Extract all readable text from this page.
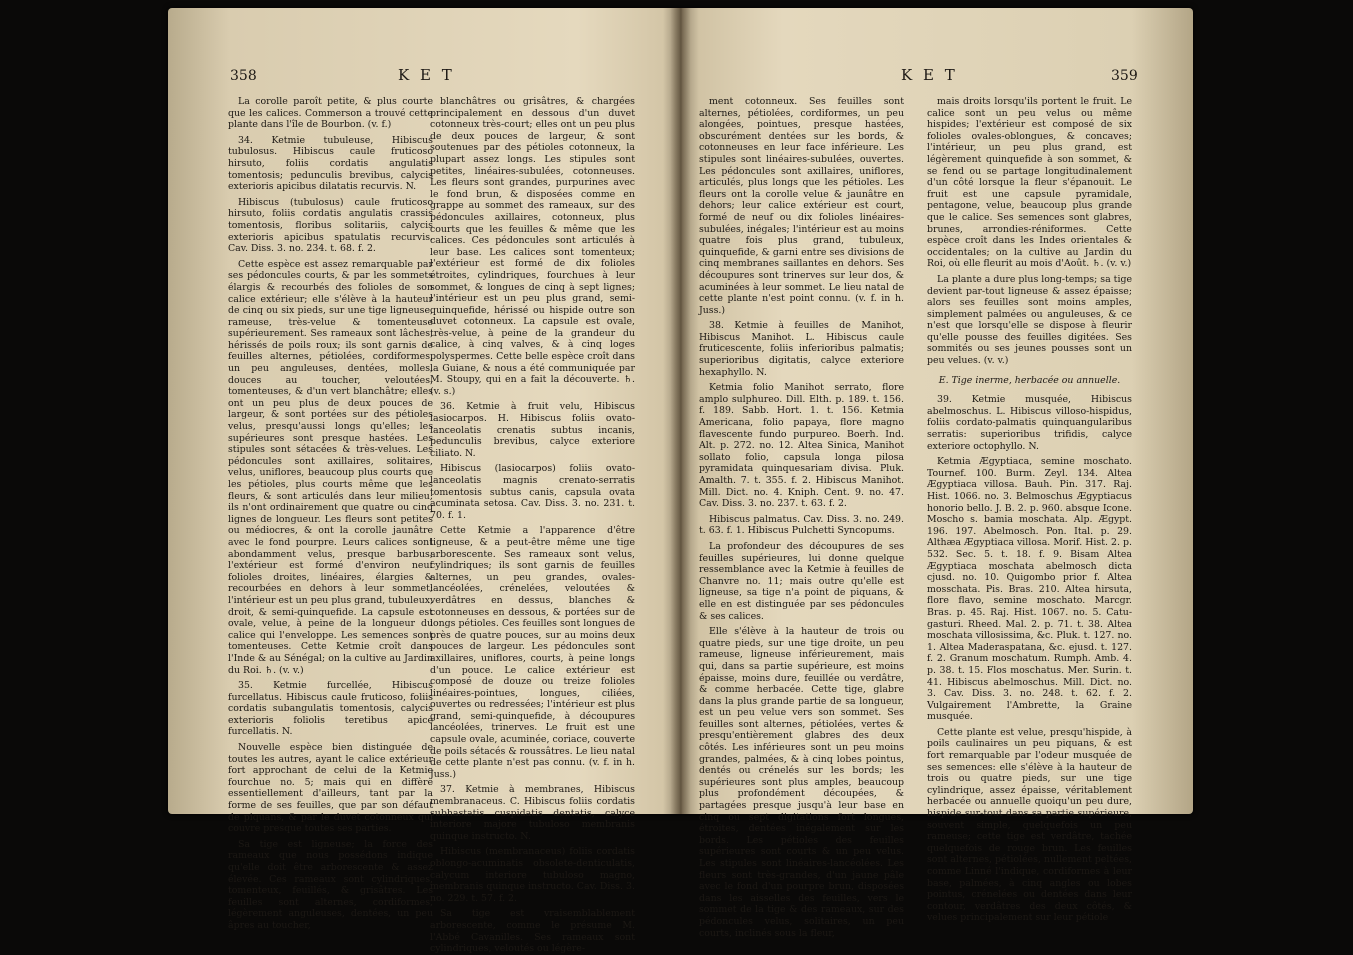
358	K E T

La corolle paroît petite, & plus courte que les calices. Commerson a trouvé cette plante dans l'île de Bourbon. (v. f.)

34. Ketmie tubuleuse, Hibiscus tubulosus. Hibiscus caule fruticoso hirsuto, foliis cordatis angulatis tomentosis; pedunculis brevibus, calycis exterioris apicibus dilatatis recurvis. N.

Hibiscus (tubulosus) caule fruticoso hirsuto, foliis cordatis angulatis crassis tomentosis, floribus solitariis, calycis exterioris apicibus spatulatis recurvis. Cav. Diss. 3. no. 234. t. 68. f. 2.

Cette espèce est assez remarquable par ses pédoncules courts, & par les sommets élargis & recourbés des folioles de son calice extérieur; elle s'élève à la hauteur de cinq ou six pieds, sur une tige ligneuse, rameuse, très-velue & tomenteuse supérieurement. Ses rameaux sont lâches, hérissés de poils roux; ils sont garnis de feuilles alternes, pétiolées, cordiformes, un peu anguleuses, dentées, molles, douces au toucher, veloutées, tomenteuses, & d'un vert blanchâtre; elles ont un peu plus de deux pouces de largeur, & sont portées sur des pétioles velus, presqu'aussi longs qu'elles; les supérieures sont presque hastées. Les stipules sont sétacées & très-velues. Les pédoncules sont axillaires, solitaires, velus, uniflores, beaucoup plus courts que les pétioles, plus courts même que les fleurs, & sont articulés dans leur milieu; ils n'ont ordinairement que quatre ou cinq lignes de longueur. Les fleurs sont petites ou médiocres, & ont la corolle jaunâtre avec le fond pourpre. Leurs calices sont abondamment velus, presque barbus; l'extérieur est formé d'environ neuf folioles droites, linéaires, élargies & recourbées en dehors à leur sommet; l'intérieur est un peu plus grand, tubuleux, droit, & semi-quinquefide. La capsule est ovale, velue, à peine de la longueur du calice qui l'enveloppe. Les semences sont tomenteuses. Cette Ketmie croît dans l'Inde & au Sénégal; on la cultive au Jardin du Roi. ♄. (v. v.)

35. Ketmie furcellée, Hibiscus furcellatus. Hibiscus caule fruticoso, foliis cordatis subangulatis tomentosis, calycis exterioris foliolis teretibus apice furcellatis. N.

Nouvelle espèce bien distinguée de toutes les autres, ayant le calice extérieur fort approchant de celui de la Ketmie fourchue no. 5; mais qui en diffère essentiellement d'ailleurs, tant par la forme de ses feuilles, que par son défaut de piquans, & par le duvet cotonneux qui couvre presque toutes ses parties.

Sa tige est ligneuse; la force des rameaux que nous possédons indique qu'elle doit être arborescente & assez élevée. Ces rameaux sont cylindriques, tomenteux, feuillés, & grisâtres. Les feuilles sont alternes, cordiformes, légèrement anguleuses, dentées, un peu âpres au toucher,

blanchâtres ou grisâtres, & chargées principalement en dessous d'un duvet cotonneux très-court; elles ont un peu plus de deux pouces de largeur, & sont soutenues par des pétioles cotonneux, la plupart assez longs. Les stipules sont petites, linéaires-subulées, cotonneuses. Les fleurs sont grandes, purpurines avec le fond brun, & disposées comme en grappe au sommet des rameaux, sur des pédoncules axillaires, cotonneux, plus courts que les feuilles & même que les calices. Ces pédoncules sont articulés à leur base. Les calices sont tomenteux; l'extérieur est formé de dix folioles étroites, cylindriques, fourchues à leur sommet, & longues de cinq à sept lignes; l'intérieur est un peu plus grand, semi-quinquefide, hérissé ou hispide outre son duvet cotonneux. La capsule est ovale, très-velue, à peine de la grandeur du calice, à cinq valves, & à cinq loges polyspermes. Cette belle espèce croît dans la Guiane, & nous a été communiquée par M. Stoupy, qui en a fait la découverte. ♄. (v. s.)

36. Ketmie à fruit velu, Hibiscus lasiocarpos. H. Hibiscus foliis ovato-lanceolatis crenatis subtus incanis, pedunculis brevibus, calyce exteriore ciliato. N.

Hibiscus (lasiocarpos) foliis ovato-lanceolatis magnis crenato-serratis tomentosis subtus canis, capsula ovata acuminata setosa. Cav. Diss. 3. no. 231. t. 70. f. 1.

Cette Ketmie a l'apparence d'être ligneuse, & a peut-être même une tige arborescente. Ses rameaux sont velus, cylindriques; ils sont garnis de feuilles alternes, un peu grandes, ovales-lancéolées, crénelées, veloutées & verdâtres en dessus, blanches & cotonneuses en dessous, & portées sur de longs pétioles. Ces feuilles sont longues de près de quatre pouces, sur au moins deux pouces de largeur. Les pédoncules sont axillaires, uniflores, courts, à peine longs d'un pouce. Le calice extérieur est composé de douze ou treize folioles linéaires-pointues, longues, ciliées, ouvertes ou redressées; l'intérieur est plus grand, semi-quinquefide, à découpures lancéolées, trinerves. Le fruit est une capsule ovale, acuminée, coriace, couverte de poils sétacés & roussâtres. Le lieu natal de cette plante n'est pas connu. (v. f. in h. Juss.)

37. Ketmie à membranes, Hibiscus membranaceus. C. Hibiscus foliis cordatis subhastatis cuspidatis dentatis, calyce interiore majore tubuloso membranis quinque instructo. N.

Hibiscus (membranaceus) foliis cordatis oblongo-acuminatis obsolete-denticulatis, calycum interiore tubuloso magno, membranis quinque instructo. Cav. Diss. 3. no. 229. t. 57. f. 2.

Sa tige est vraisemblablement arborescente, comme le présume M. l'Abbé Cavanilles. Ses rameaux sont cylindriques, veloutés ou légère-

K E T	359

ment cotonneux. Ses feuilles sont alternes, pétiolées, cordiformes, un peu alongées, pointues, presque hastées, obscurément dentées sur les bords, & cotonneuses en leur face inférieure. Les stipules sont linéaires-subulées, ouvertes. Les pédoncules sont axillaires, uniflores, articulés, plus longs que les pétioles. Les fleurs ont la corolle velue & jaunâtre en dehors; leur calice extérieur est court, formé de neuf ou dix folioles linéaires-subulées, inégales; l'intérieur est au moins quatre fois plus grand, tubuleux, quinquefide, & garni entre ses divisions de cinq membranes saillantes en dehors. Ses découpures sont trinerves sur leur dos, & acuminées à leur sommet. Le lieu natal de cette plante n'est point connu. (v. f. in h. Juss.)

38. Ketmie à feuilles de Manihot, Hibiscus Manihot. L. Hibiscus caule fruticescente, foliis inferioribus palmatis; superioribus digitatis, calyce exteriore hexaphyllo. N.

Ketmia folio Manihot serrato, flore amplo sulphureo. Dill. Elth. p. 189. t. 156. f. 189. Sabb. Hort. 1. t. 156. Ketmia Americana, folio papaya, flore magno flavescente fundo purpureo. Boerh. Ind. Alt. p. 272. no. 12. Altea Sinica, Manihot sollato folio, capsula longa pilosa pyramidata quinquesariam divisa. Pluk. Amalth. 7. t. 355. f. 2. Hibiscus Manihot. Mill. Dict. no. 4. Kniph. Cent. 9. no. 47. Cav. Diss. 3. no. 237. t. 63. f. 2.

Hibiscus palmatus. Cav. Diss. 3. no. 249. t. 63. f. 1. Hibiscus Pulchetti Syncopums.

La profondeur des découpures de ses feuilles supérieures, lui donne quelque ressemblance avec la Ketmie à feuilles de Chanvre no. 11; mais outre qu'elle est ligneuse, sa tige n'a point de piquans, & elle en est distinguée par ses pédoncules & ses calices.

Elle s'élève à la hauteur de trois ou quatre pieds, sur une tige droite, un peu rameuse, ligneuse inférieurement, mais qui, dans sa partie supérieure, est moins épaisse, moins dure, feuillée ou verdâtre, & comme herbacée. Cette tige, glabre dans la plus grande partie de sa longueur, est un peu velue vers son sommet. Ses feuilles sont alternes, pétiolées, vertes & presqu'entièrement glabres des deux côtés. Les inférieures sont un peu moins grandes, palmées, & à cinq lobes pointus, dentés ou crénelés sur les bords; les supérieures sont plus amples, beaucoup plus profondément découpées, & partagées presque jusqu'à leur base en cinq ou sept digitations fort longues, étroites, dentées inégalement sur les bords. Les pétioles des feuilles supérieures sont courts & un peu velus. Les stipules sont linéaires-lancéolées. Les fleurs sont très-grandes, d'un jaune pâle avec le fond d'un pourpre brun, disposées dans les aisselles des feuilles, vers le sommet de la tige & des rameaux, sur des pédoncules velus, solitaires, un peu courts, inclinés sous la fleur,

mais droits lorsqu'ils portent le fruit. Le calice sont un peu velus ou même hispides; l'extérieur est composé de six folioles ovales-oblongues, & concaves; l'intérieur, un peu plus grand, est légèrement quinquefide à son sommet, & se fend ou se partage longitudinalement d'un côté lorsque la fleur s'épanouit. Le fruit est une capsule pyramidale, pentagone, velue, beaucoup plus grande que le calice. Ses semences sont glabres, brunes, arrondies-réniformes. Cette espèce croît dans les Indes orientales & occidentales; on la cultive au Jardin du Roi, où elle fleurit au mois d'Août. ♄. (v. v.)

La plante a dure plus long-temps; sa tige devient par-tout ligneuse & assez épaisse; alors ses feuilles sont moins amples, simplement palmées ou anguleuses, & ce n'est que lorsqu'elle se dispose à fleurir qu'elle pousse des feuilles digitées. Ses sommités ou ses jeunes pousses sont un peu velues. (v. v.)

E. Tige inerme, herbacée ou annuelle.

39. Ketmie musquée, Hibiscus abelmoschus. L. Hibiscus villoso-hispidus, foliis cordato-palmatis quinquangularibus serratis: superioribus trifidis, calyce exteriore octophyllo. N.

Ketmia Ægyptiaca, semine moschato. Tournef. 100. Burm. Zeyl. 134. Altea Ægyptiaca villosa. Bauh. Pin. 317. Raj. Hist. 1066. no. 3. Belmoschus Ægyptiacus honorio bello. J. B. 2. p. 960. absque Icone. Moscho s. bamia moschata. Alp. Ægypt. 196. 197. Abelmosch. Pon. Ital. p. 29. Althæa Ægyptiaca villosa. Morif. Hist. 2. p. 532. Sec. 5. t. 18. f. 9. Bisam Altea Ægyptiaca moschata abelmosch dicta cjusd. no. 10. Quigombo prior f. Altea mosschata. Pis. Bras. 210. Altea hirsuta, flore flavo, semine moschato. Marcgr. Bras. p. 45. Raj. Hist. 1067. no. 5. Catu-gasturi. Rheed. Mal. 2. p. 71. t. 38. Altea moschata villosissima, &c. Pluk. t. 127. no. 1. Altea Maderaspatana, &c. ejusd. t. 127. f. 2. Granum moschatum. Rumph. Amb. 4. p. 38. t. 15. Flos moschatus. Mer. Surin. t. 41. Hibiscus abelmoschus. Mill. Dict. no. 3. Cav. Diss. 3. no. 248. t. 62. f. 2. Vulgairement l'Ambrette, la Graine musquée.

Cette plante est velue, presqu'hispide, à poils caulinaires un peu piquans, & est fort remarquable par l'odeur musquée de ses semences: elle s'élève à la hauteur de trois ou quatre pieds, sur une tige cylindrique, assez épaisse, véritablement herbacée ou annuelle quoiqu'un peu dure, hispide sur-tout dans sa partie supérieure, souvent simple, quelquefois un peu rameuse; cette tige est verdâtre, tachée quelquefois de rouge brun. Les feuilles sont alternes, pétiolées, nullement peltées, comme Linné l'indique, cordiformes à leur base, palmées, à cinq angles ou lobes pointus, crénelées ou dentées dans leur contour, verdâtres des deux côtés, & velues principalement sur leur pétiole
